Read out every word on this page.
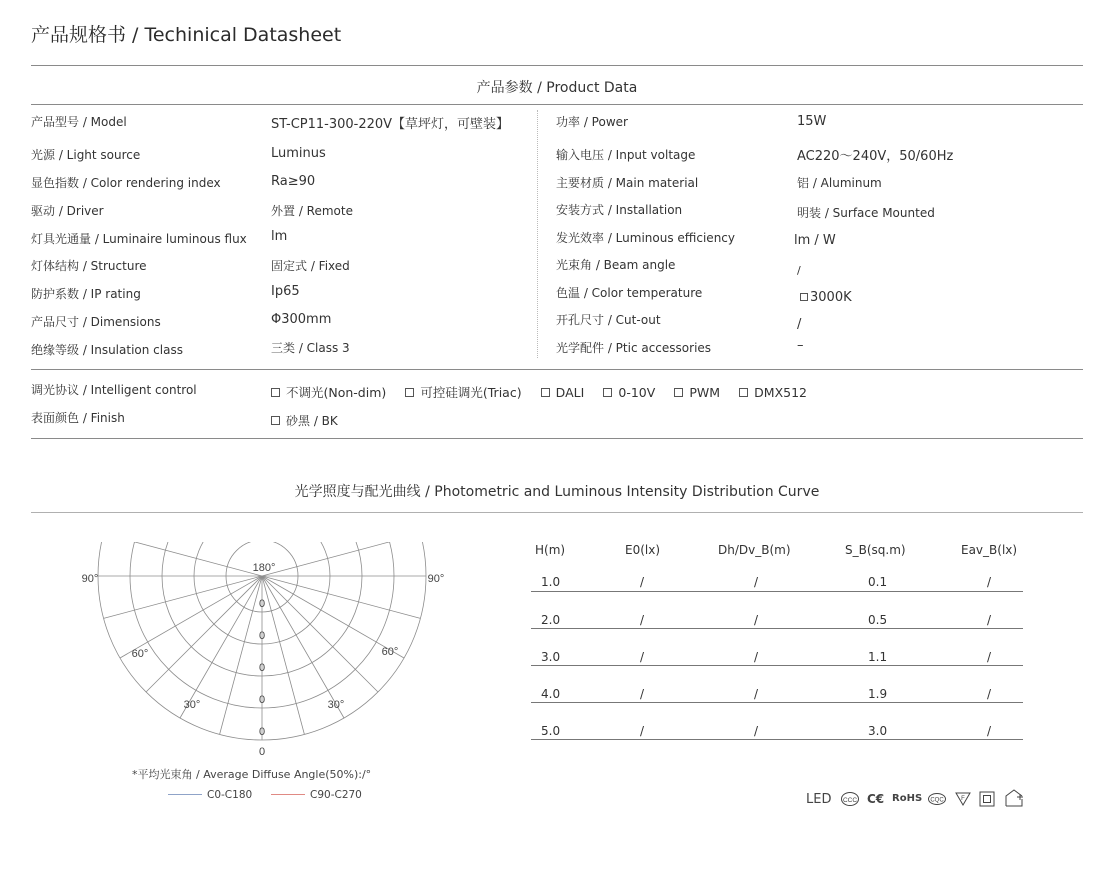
产品规格书 / Techinical Datasheet
产品参数 / Product Data
产品型号 / Model	ST-CP11-300-220V【草坪灯，可壁装】
光源 / Light source	Luminus
显色指数 / Color rendering index	Ra≥90
驱动 / Driver	外置 / Remote
灯具光通量 / Luminaire luminous flux lm
灯体结构 / Structure	固定式 / Fixed
防护系数 / IP rating	Ip65
产品尺寸 / Dimensions	Φ300mm
绝缘等级 / Insulation class	三类 / Class 3
功率 / Power	15W
输入电压 / Input voltage	AC220～240V，50/60Hz
主要材质 / Main material	铝 / Aluminum
安装方式 / Installation	明装 / Surface Mounted
发光效率 / Luminous efficiency	lm / W
光束角 / Beam angle	/
色温 / Color temperature	3000K
开孔尺寸 / Cut-out	/
光学配件 / Ptic accessories	–
调光协议 / Intelligent control	不调光(Non-dim)	可控硅调光(Triac)	DALI	0-10V	PWM	DMX512
表面颜色 / Finish	砂黑 / BK
光学照度与配光曲线 / Photometric and Luminous Intensity Distribution Curve
180°
90°	90°
60°	60°
30°	30°
0
0
0
0
0
0
*平均光束角 / Average Diffuse Angle(50%):/°
C0-C180	C90-C270
H(m)	E0(lx)	Dh/Dv_B(m)	S_B(sq.m)	Eav_B(lx)
1.0	/	/	0.1	/
2.0	/	/	0.5	/
3.0	/	/	1.1	/
4.0	/	/	1.9	/
5.0	/	/	3.0	/
LED CCC C€ RoHS CQC	F
